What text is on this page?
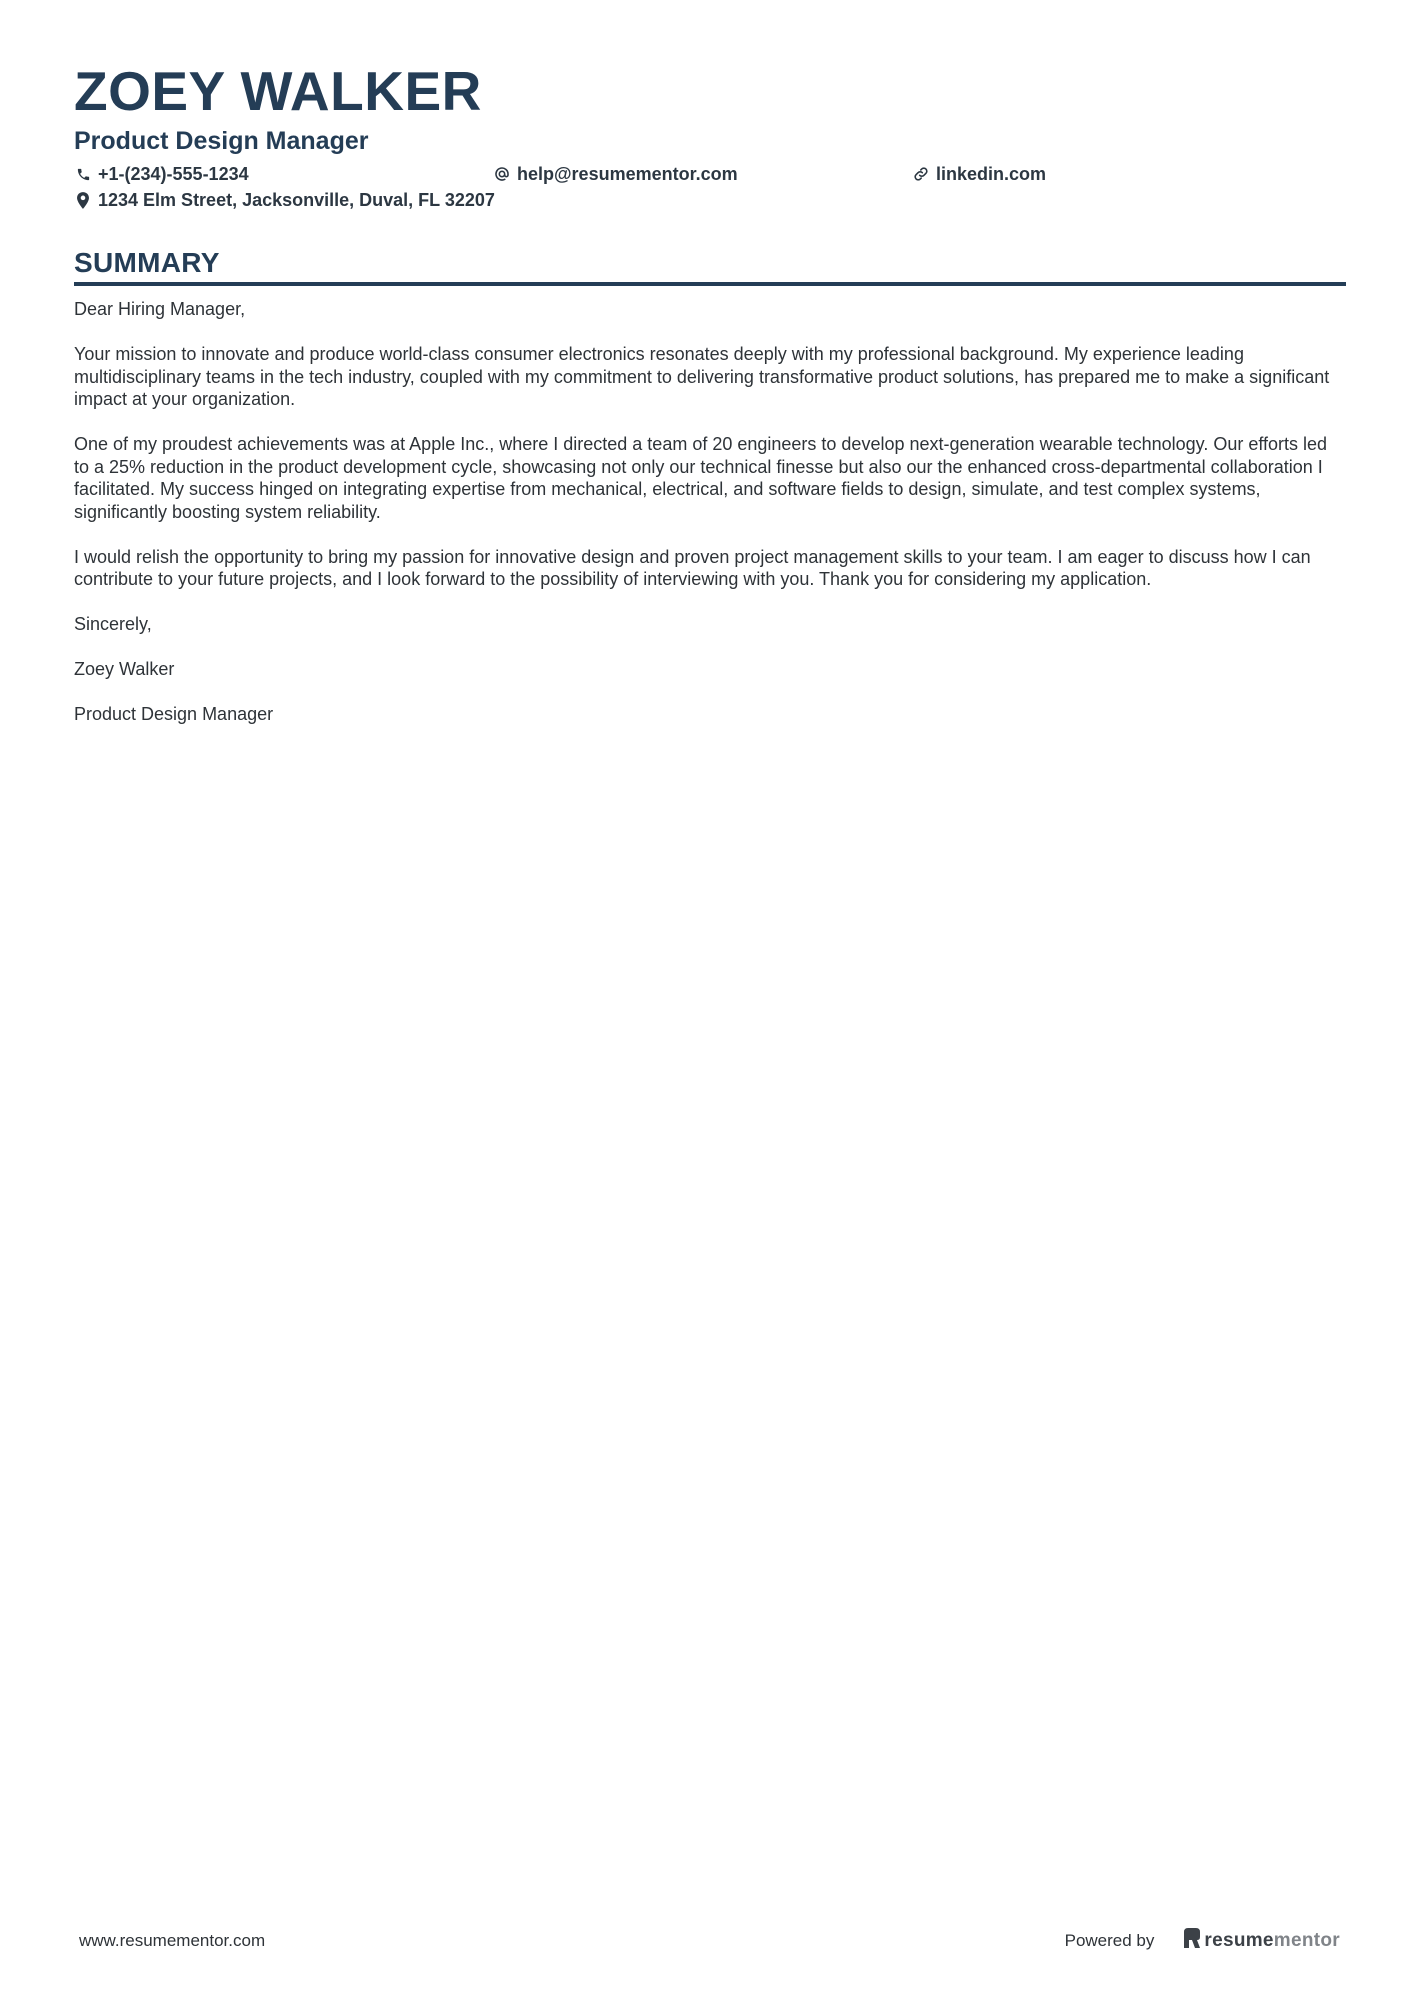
ZOEY WALKER
Product Design Manager
+1-(234)-555-1234	help@resumementor.com	linkedin.com
1234 Elm Street, Jacksonville, Duval, FL 32207
SUMMARY

Dear Hiring Manager,

Your mission to innovate and produce world-class consumer electronics resonates deeply with my professional background. My experience leading multidisciplinary teams in the tech industry, coupled with my commitment to delivering transformative product solutions, has prepared me to make a significant impact at your organization.

One of my proudest achievements was at Apple Inc., where I directed a team of 20 engineers to develop next-generation wearable technology. Our efforts led to a 25% reduction in the product development cycle, showcasing not only our technical finesse but also our the enhanced cross-departmental collaboration I facilitated. My success hinged on integrating expertise from mechanical, electrical, and software fields to design, simulate, and test complex systems, significantly boosting system reliability.

I would relish the opportunity to bring my passion for innovative design and proven project management skills to your team. I am eager to discuss how I can contribute to your future projects, and I look forward to the possibility of interviewing with you. Thank you for considering my application.

Sincerely,

Zoey Walker

Product Design Manager

www.resumementor.com	Powered by	resume mentor
